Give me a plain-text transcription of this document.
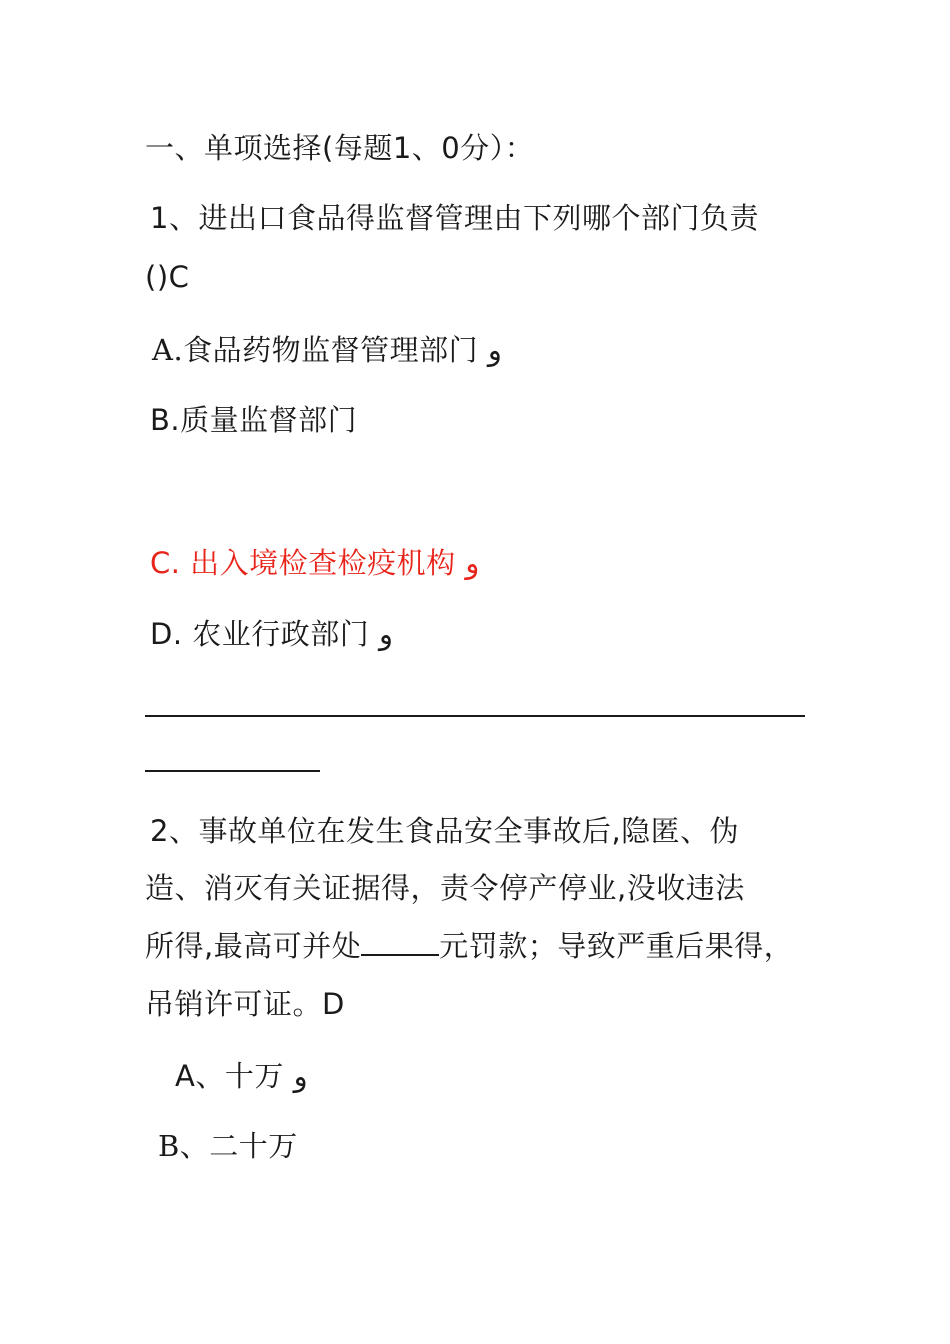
一、单项选择(每题1、0分）：
1、进出口食品得监督管理由下列哪个部门负责
()C
A.食品药物监督管理部门 و
B.质量监督部门
C. 出入境检查检疫机构 و
D. 农业行政部门 و
2、事故单位在发生食品安全事故后,隐匿、伪
造、消灭有关证据得，责令停产停业,没收违法
所得,最高可并处	元罚款；导致严重后果得，
吊销许可证。D
A、十万 و
B、二十万
